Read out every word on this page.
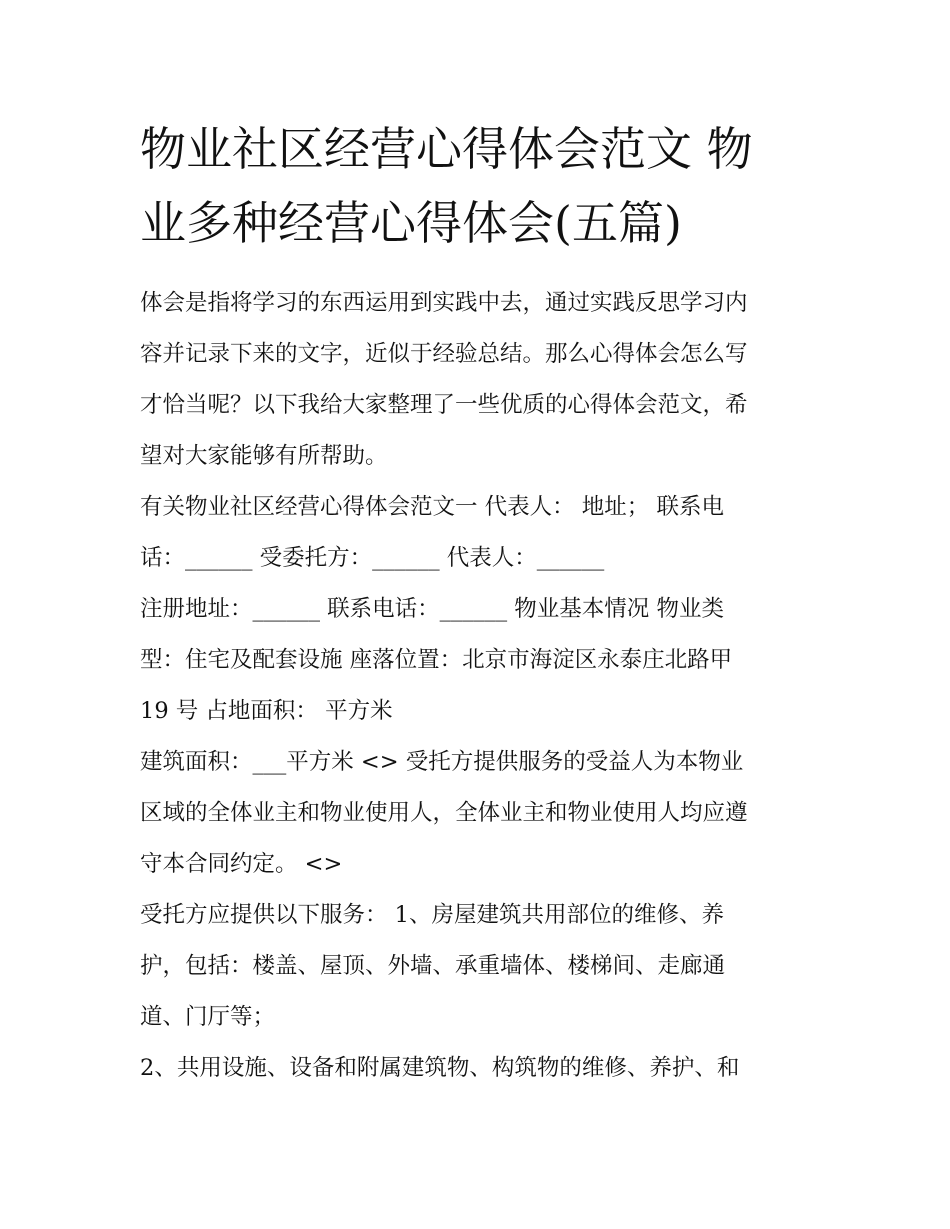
物业社区经营心得体会范文 物
业多种经营心得体会(五篇)

体会是指将学习的东西运用到实践中去，通过实践反思学习内
容并记录下来的文字，近似于经验总结。那么心得体会怎么写
才恰当呢？以下我给大家整理了一些优质的心得体会范文，希
望对大家能够有所帮助。

有关物业社区经营心得体会范文一 代表人： 地址； 联系电
话：______ 受委托方：______ 代表人：______

注册地址：______ 联系电话：______ 物业基本情况 物业类
型：住宅及配套设施 座落位置：北京市海淀区永泰庄北路甲
19 号 占地面积： 平方米

建筑面积：___平方米 <> 受托方提供服务的受益人为本物业
区域的全体业主和物业使用人，全体业主和物业使用人均应遵
守本合同约定。 <>

受托方应提供以下服务： 1、房屋建筑共用部位的维修、养
护，包括：楼盖、屋顶、外墙、承重墙体、楼梯间、走廊通
道、门厅等；

2、共用设施、设备和附属建筑物、构筑物的维修、养护、和
